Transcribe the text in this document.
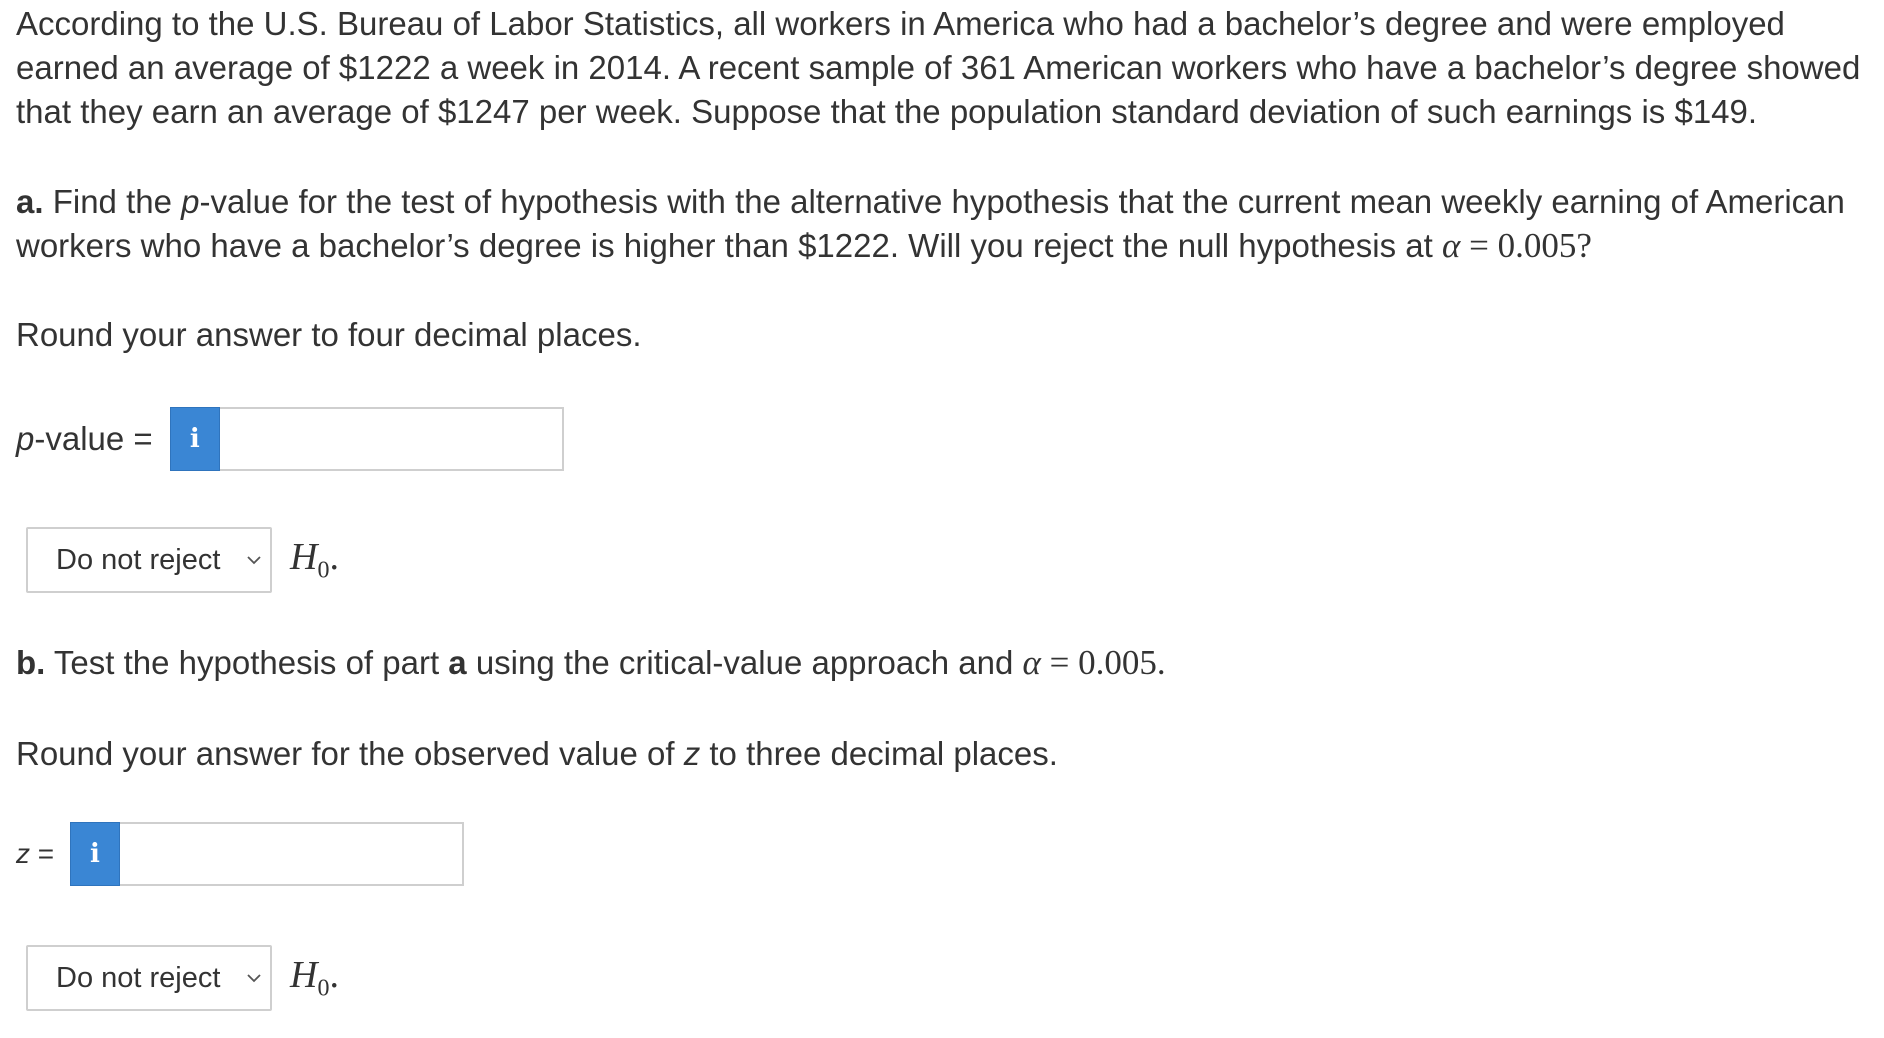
According to the U.S. Bureau of Labor Statistics, all workers in America who had a bachelor’s degree and were employed earned an average of $1222 a week in 2014. A recent sample of 361 American workers who have a bachelor’s degree showed that they earn an average of $1247 per week. Suppose that the population standard deviation of such earnings is $149.

a. Find the p-value for the test of hypothesis with the alternative hypothesis that the current mean weekly earning of American workers who have a bachelor’s degree is higher than $1222. Will you reject the null hypothesis at α = 0.005?

Round your answer to four decimal places.

p -value = i
Do not reject $H_0$.

b. Test the hypothesis of part a using the critical-value approach and α = 0.005.

Round your answer for the observed value of z to three decimal places.

z = i
Do not reject $H_0$.
